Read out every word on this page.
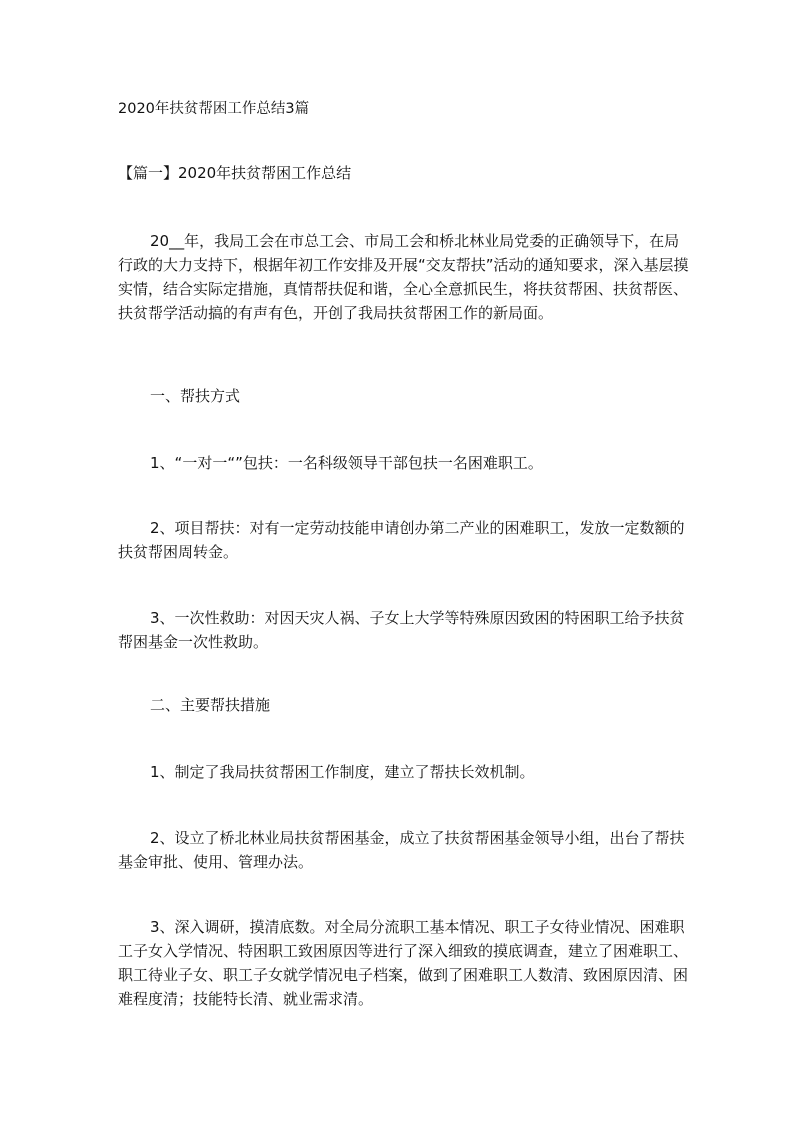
2020年扶贫帮困工作总结3篇

【篇一】2020年扶贫帮困工作总结

20__年，我局工会在市总工会、市局工会和桥北林业局党委的正确领导下，在局行政的大力支持下，根据年初工作安排及开展“交友帮扶”活动的通知要求，深入基层摸实情，结合实际定措施，真情帮扶促和谐，全心全意抓民生，将扶贫帮困、扶贫帮医、扶贫帮学活动搞的有声有色，开创了我局扶贫帮困工作的新局面。

一、帮扶方式

1、“一对一“”包扶：一名科级领导干部包扶一名困难职工。

2、项目帮扶：对有一定劳动技能申请创办第二产业的困难职工，发放一定数额的扶贫帮困周转金。

3、一次性救助：对因天灾人祸、子女上大学等特殊原因致困的特困职工给予扶贫帮困基金一次性救助。

二、主要帮扶措施

1、制定了我局扶贫帮困工作制度，建立了帮扶长效机制。

2、设立了桥北林业局扶贫帮困基金，成立了扶贫帮困基金领导小组，出台了帮扶基金审批、使用、管理办法。

3、深入调研，摸清底数。对全局分流职工基本情况、职工子女待业情况、困难职工子女入学情况、特困职工致困原因等进行了深入细致的摸底调查，建立了困难职工、职工待业子女、职工子女就学情况电子档案，做到了困难职工人数清、致困原因清、困难程度清；技能特长清、就业需求清。
